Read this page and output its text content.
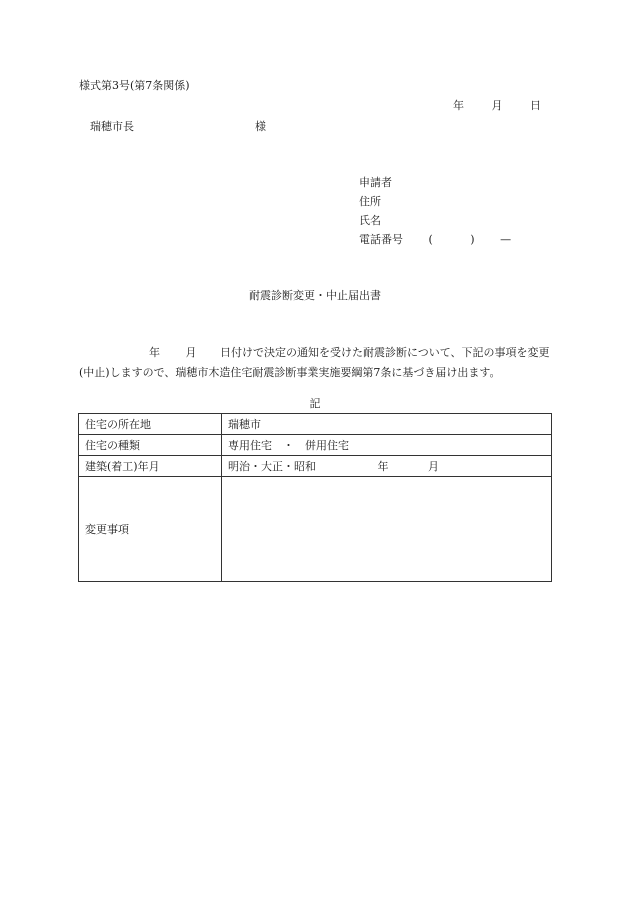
様式第3号(第7条関係)
年	月	日
瑞穂市長	様
申請者
住所
氏名
電話番号 (	) —
耐震診断変更・中止届出書
年 月 日付けで決定の通知を受けた耐震診断について、下記の事項を変更(中止)しますので、瑞穂市木造住宅耐震診断事業実施要綱第7条に基づき届け出ます。
記
住宅の所在地	瑞穂市
住宅の種類	専用住宅　・　併用住宅
建築(着工)年月	明治・大正・昭和 年 月
変更事項	
